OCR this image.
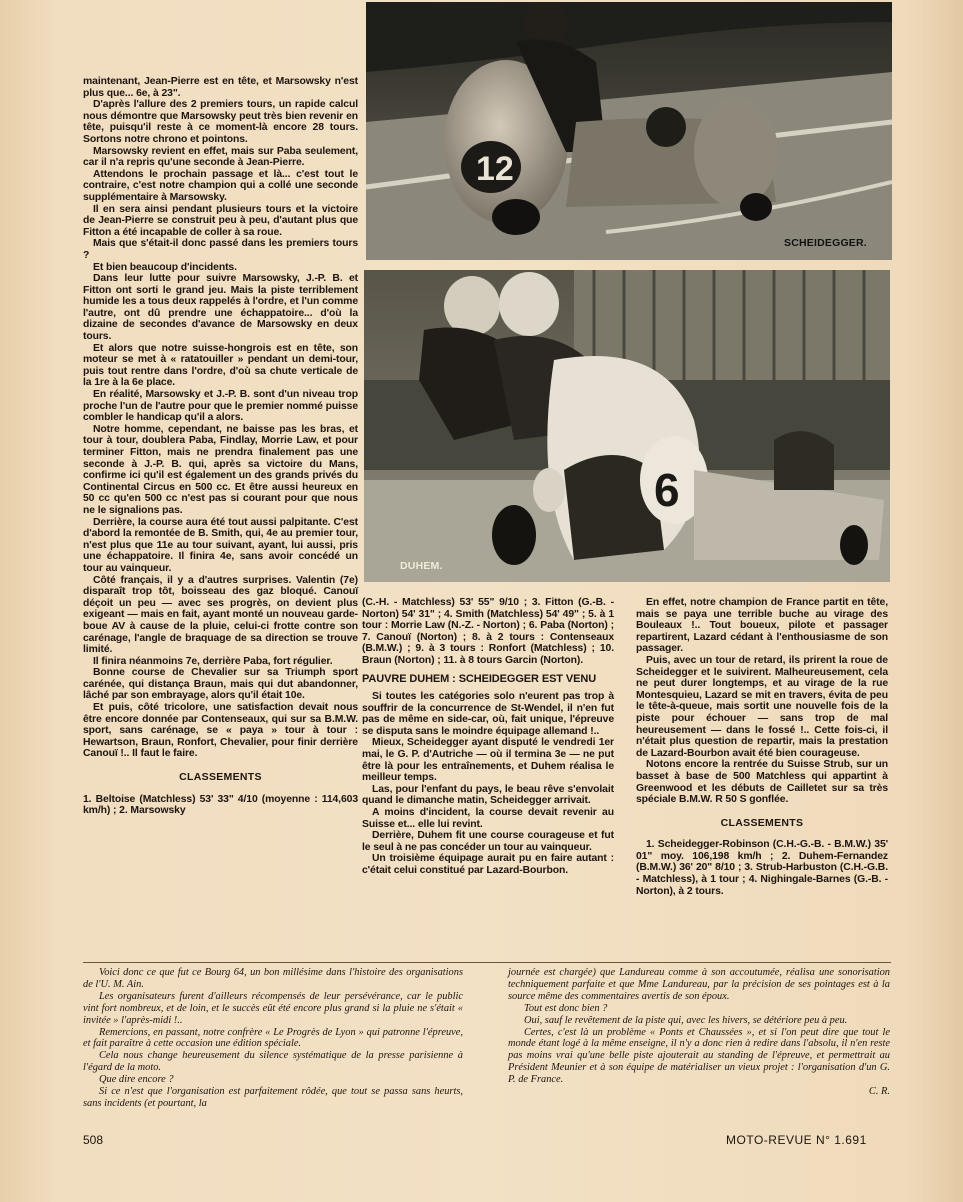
maintenant, Jean-Pierre est en tête, et Marsowsky n'est plus que... 6e, à 23".

D'après l'allure des 2 premiers tours, un rapide calcul nous démontre que Marsowsky peut très bien revenir en tête, puisqu'il reste à ce moment-là encore 28 tours. Sortons notre chrono et pointons.

Marsowsky revient en effet, mais sur Paba seulement, car il n'a repris qu'une seconde à Jean-Pierre.

Attendons le prochain passage et là... c'est tout le contraire, c'est notre champion qui a collé une seconde supplémentaire à Marsowsky.

Il en sera ainsi pendant plusieurs tours et la victoire de Jean-Pierre se construit peu à peu, d'autant plus que Fitton a été incapable de coller à sa roue.

Mais que s'était-il donc passé dans les premiers tours ?

Et bien beaucoup d'incidents.

Dans leur lutte pour suivre Marsowsky, J.-P. B. et Fitton ont sorti le grand jeu. Mais la piste terriblement humide les a tous deux rappelés à l'ordre, et l'un comme l'autre, ont dû prendre une échappatoire... d'où la dizaine de secondes d'avance de Marsowsky en deux tours.

Et alors que notre suisse-hongrois est en tête, son moteur se met à « ratatouiller » pendant un demi-tour, puis tout rentre dans l'ordre, d'où sa chute verticale de la 1re à la 6e place.

En réalité, Marsowsky et J.-P. B. sont d'un niveau trop proche l'un de l'autre pour que le premier nommé puisse combler le handicap qu'il a alors.

Notre homme, cependant, ne baisse pas les bras, et tour à tour, doublera Paba, Findlay, Morrie Law, et pour terminer Fitton, mais ne prendra finalement pas une seconde à J.-P. B. qui, après sa victoire du Mans, confirme ici qu'il est également un des grands privés du Continental Circus en 500 cc. Et être aussi heureux en 50 cc qu'en 500 cc n'est pas si courant pour que nous ne le signalions pas.

Derrière, la course aura été tout aussi palpitante. C'est d'abord la remontée de B. Smith, qui, 4e au premier tour, n'est plus que 11e au tour suivant, ayant, lui aussi, pris une échappatoire. Il finira 4e, sans avoir concédé un tour au vainqueur.

Côté français, il y a d'autres surprises. Valentin (7e) disparaît trop tôt, boisseau des gaz bloqué. Canouï déçoit un peu — avec ses progrès, on devient plus exigeant — mais en fait, ayant monté un nouveau garde-boue AV à cause de la pluie, celui-ci frotte contre son carénage, l'angle de braquage de sa direction se trouve limité.

Il finira néanmoins 7e, derrière Paba, fort régulier.

Bonne course de Chevalier sur sa Triumph sport carénée, qui distança Braun, mais qui dut abandonner, lâché par son embrayage, alors qu'il était 10e.

Et puis, côté tricolore, une satisfaction devait nous être encore donnée par Contenseaux, qui sur sa B.M.W. sport, sans carénage, se « paya » tour à tour : Hewartson, Braun, Ronfort, Chevalier, pour finir derrière Canouï !.. Il faut le faire.

CLASSEMENTS

1. Beltoise (Matchless) 53' 33" 4/10 (moyenne : 114,603 km/h) ; 2. Marsowsky

12
SCHEIDEGGER.
6
DUHEM.

(C.-H. - Matchless) 53' 55" 9/10 ; 3. Fitton (G.-B. - Norton) 54' 31" ; 4. Smith (Matchless) 54' 49" ; 5. à 1 tour : Morrie Law (N.-Z. - Norton) ; 6. Paba (Norton) ; 7. Canouï (Norton) ; 8. à 2 tours : Contenseaux (B.M.W.) ; 9. à 3 tours : Ronfort (Matchless) ; 10. Braun (Norton) ; 11. à 8 tours Garcin (Norton).

PAUVRE DUHEM : SCHEIDEGGER EST VENU

Si toutes les catégories solo n'eurent pas trop à souffrir de la concurrence de St-Wendel, il n'en fut pas de même en side-car, où, fait unique, l'épreuve se disputa sans le moindre équipage allemand !..

Mieux, Scheidegger ayant disputé le vendredi 1er mai, le G. P. d'Autriche — où il termina 3e — ne put être là pour les entraînements, et Duhem réalisa le meilleur temps.

Las, pour l'enfant du pays, le beau rêve s'envolait quand le dimanche matin, Scheidegger arrivait.

A moins d'incident, la course devait revenir au Suisse et... elle lui revint.

Derrière, Duhem fit une course courageuse et fut le seul à ne pas concéder un tour au vainqueur.

Un troisième équipage aurait pu en faire autant : c'était celui constitué par Lazard-Bourbon.

En effet, notre champion de France partit en tête, mais se paya une terrible buche au virage des Bouleaux !.. Tout boueux, pilote et passager repartirent, Lazard cédant à l'enthousiasme de son passager.

Puis, avec un tour de retard, ils prirent la roue de Scheidegger et le suivirent. Malheureusement, cela ne peut durer longtemps, et au virage de la rue Montesquieu, Lazard se mit en travers, évita de peu le tête-à-queue, mais sortit une nouvelle fois de la piste pour échouer — sans trop de mal heureusement — dans le fossé !.. Cette fois-ci, il n'était plus question de repartir, mais la prestation de Lazard-Bourbon avait été bien courageuse.

Notons encore la rentrée du Suisse Strub, sur un basset à base de 500 Matchless qui appartint à Greenwood et les débuts de Cailletet sur sa très spéciale B.M.W. R 50 S gonflée.

CLASSEMENTS

1. Scheidegger-Robinson (C.H.-G.-B. - B.M.W.) 35' 01" moy. 106,198 km/h ; 2. Duhem-Fernandez (B.M.W.) 36' 20" 8/10 ; 3. Strub-Harbuston (C.H.-G.B. - Matchless), à 1 tour ; 4. Nighingale-Barnes (G.-B. - Norton), à 2 tours.

Voici donc ce que fut ce Bourg 64, un bon millésime dans l'histoire des organisations de l'U. M. Ain.

Les organisateurs furent d'ailleurs récompensés de leur persévérance, car le public vint fort nombreux, et de loin, et le succès eût été encore plus grand si la pluie ne s'était « invitée » l'après-midi !..

Remercions, en passant, notre confrère « Le Progrès de Lyon » qui patronne l'épreuve, et fait paraître à cette occasion une édition spéciale.

Cela nous change heureusement du silence systématique de la presse parisienne à l'égard de la moto.

Que dire encore ?

Si ce n'est que l'organisation est parfaitement rôdée, que tout se passa sans heurts, sans incidents (et pourtant, la

journée est chargée) que Landureau comme à son accoutumée, réalisa une sonorisation techniquement parfaite et que Mme Landureau, par la précision de ses pointages est à la source même des commentaires avertis de son époux.

Tout est donc bien ?

Oui, sauf le revêtement de la piste qui, avec les hivers, se détériore peu à peu.

Certes, c'est là un problème « Ponts et Chaussées », et si l'on peut dire que tout le monde étant logé à la même enseigne, il n'y a donc rien à redire dans l'absolu, il n'en reste pas moins vrai qu'une belle piste ajouterait au standing de l'épreuve, et permettrait au Président Meunier et à son équipe de matérialiser un vieux projet : l'organisation d'un G. P. de France.

C. R.
508	MOTO-REVUE N° 1.691
